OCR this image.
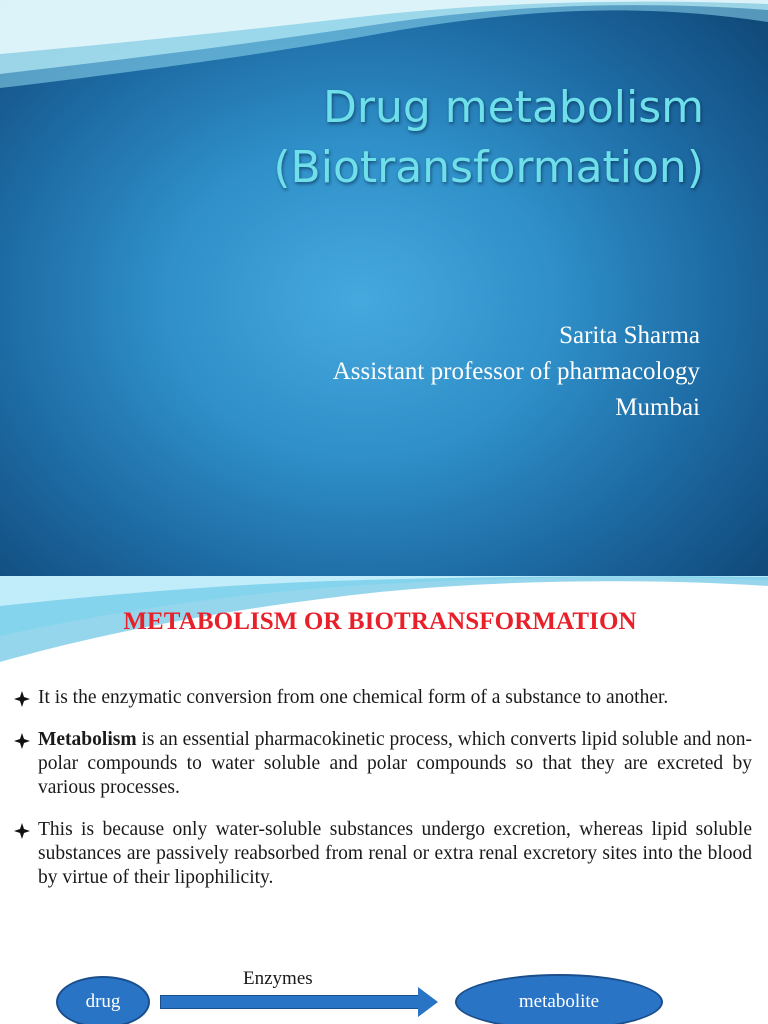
Drug metabolism
(Biotransformation)
Sarita Sharma
Assistant professor of pharmacology
Mumbai
METABOLISM OR BIOTRANSFORMATION
It is the enzymatic conversion from one chemical form of a substance to another.
Metabolism is an essential pharmacokinetic process, which converts lipid soluble and non-polar compounds to water soluble and polar compounds so that they are excreted by various processes.
This is because only water-soluble substances undergo excretion, whereas lipid soluble substances are passively reabsorbed from renal or extra renal excretory sites into the blood by virtue of their lipophilicity.
drug
Enzymes
metabolite
